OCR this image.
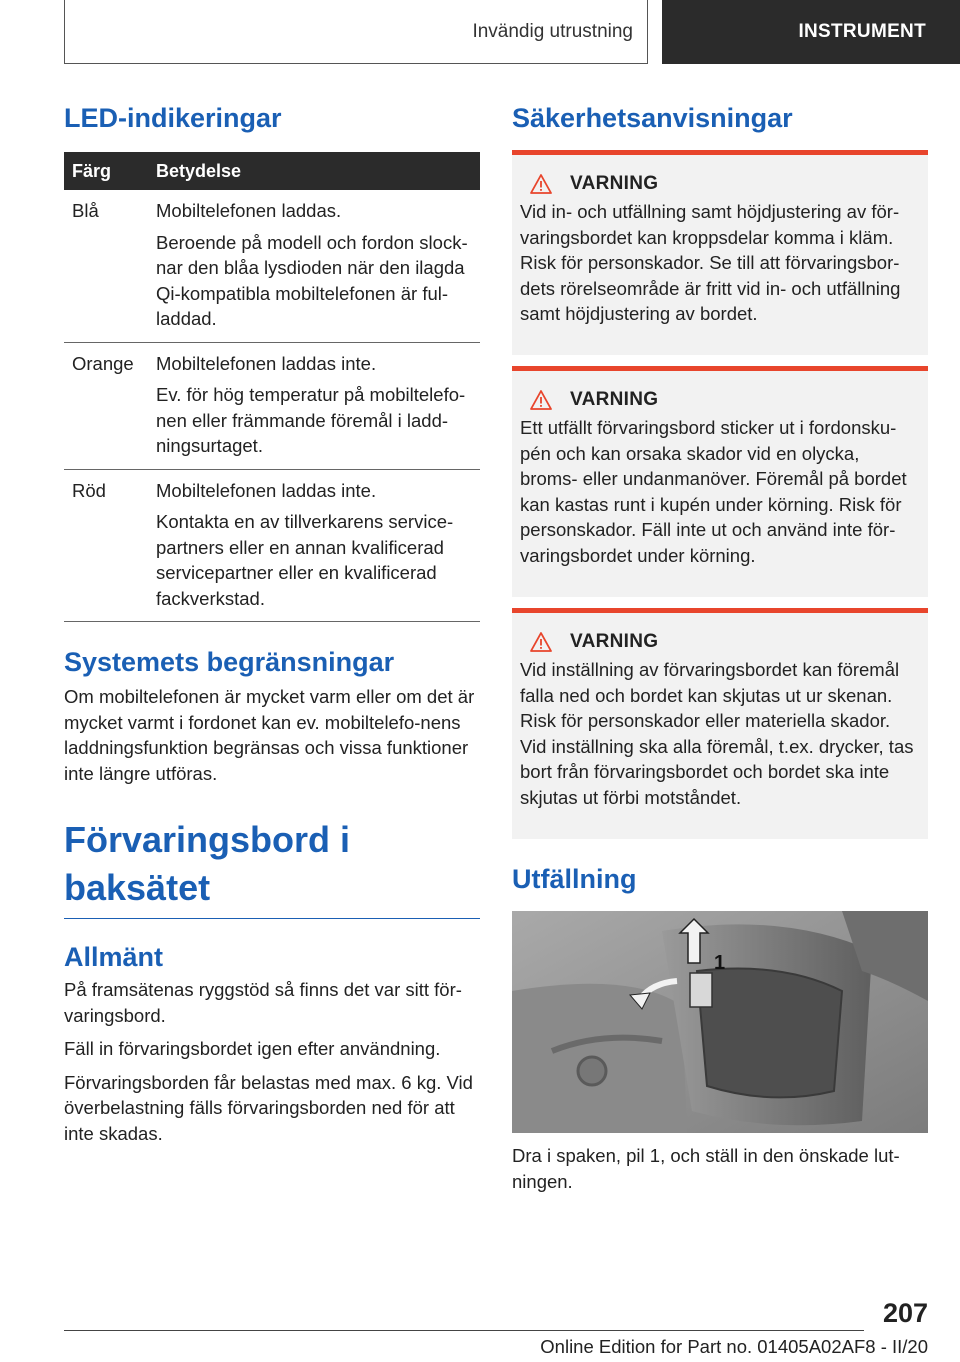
Invändig utrustning	INSTRUMENT
LED-indikeringar
Färg	Betydelse
Blå	Mobiltelefonen laddas.

Beroende på modell och fordon slock-nar den blåa lysdioden när den ilagda Qi-kompatibla mobiltelefonen är ful-laddad.

Orange	Mobiltelefonen laddas inte.

Ev. för hög temperatur på mobiltelefo-nen eller främmande föremål i ladd-ningsurtaget.

Röd	Mobiltelefonen laddas inte.

Kontakta en av tillverkarens service-partners eller en annan kvalificerad servicepartner eller en kvalificerad fackverkstad.

Systemets begränsningar

Om mobiltelefonen är mycket varm eller om det är mycket varmt i fordonet kan ev. mobiltelefo-nens laddningsfunktion begränsas och vissa funktioner inte längre utföras.

Förvaringsbord i baksätet
Allmänt

På framsätenas ryggstöd så finns det var sitt för-varingsbord.

Fäll in förvaringsbordet igen efter användning.

Förvaringsborden får belastas med max. 6 kg. Vid överbelastning fälls förvaringsborden ned för att inte skadas.

Säkerhetsanvisningar
VARNING

Vid in- och utfällning samt höjdjustering av för-varingsbordet kan kroppsdelar komma i kläm. Risk för personskador. Se till att förvaringsbor-dets rörelseområde är fritt vid in- och utfällning samt höjdjustering av bordet.

VARNING

Ett utfällt förvaringsbord sticker ut i fordonsku-pén och kan orsaka skador vid en olycka, broms- eller undanmanöver. Föremål på bordet kan kastas runt i kupén under körning. Risk för personskador. Fäll inte ut och använd inte för-varingsbordet under körning.

VARNING

Vid inställning av förvaringsbordet kan föremål falla ned och bordet kan skjutas ut ur skenan. Risk för personskador eller materiella skador. Vid inställning ska alla föremål, t.ex. drycker, tas bort från förvaringsbordet och bordet ska inte skjutas ut förbi motståndet.

Utfällning
1

Dra i spaken, pil 1, och ställ in den önskade lut-ningen.

207
Online Edition for Part no. 01405A02AF8 - II/20
